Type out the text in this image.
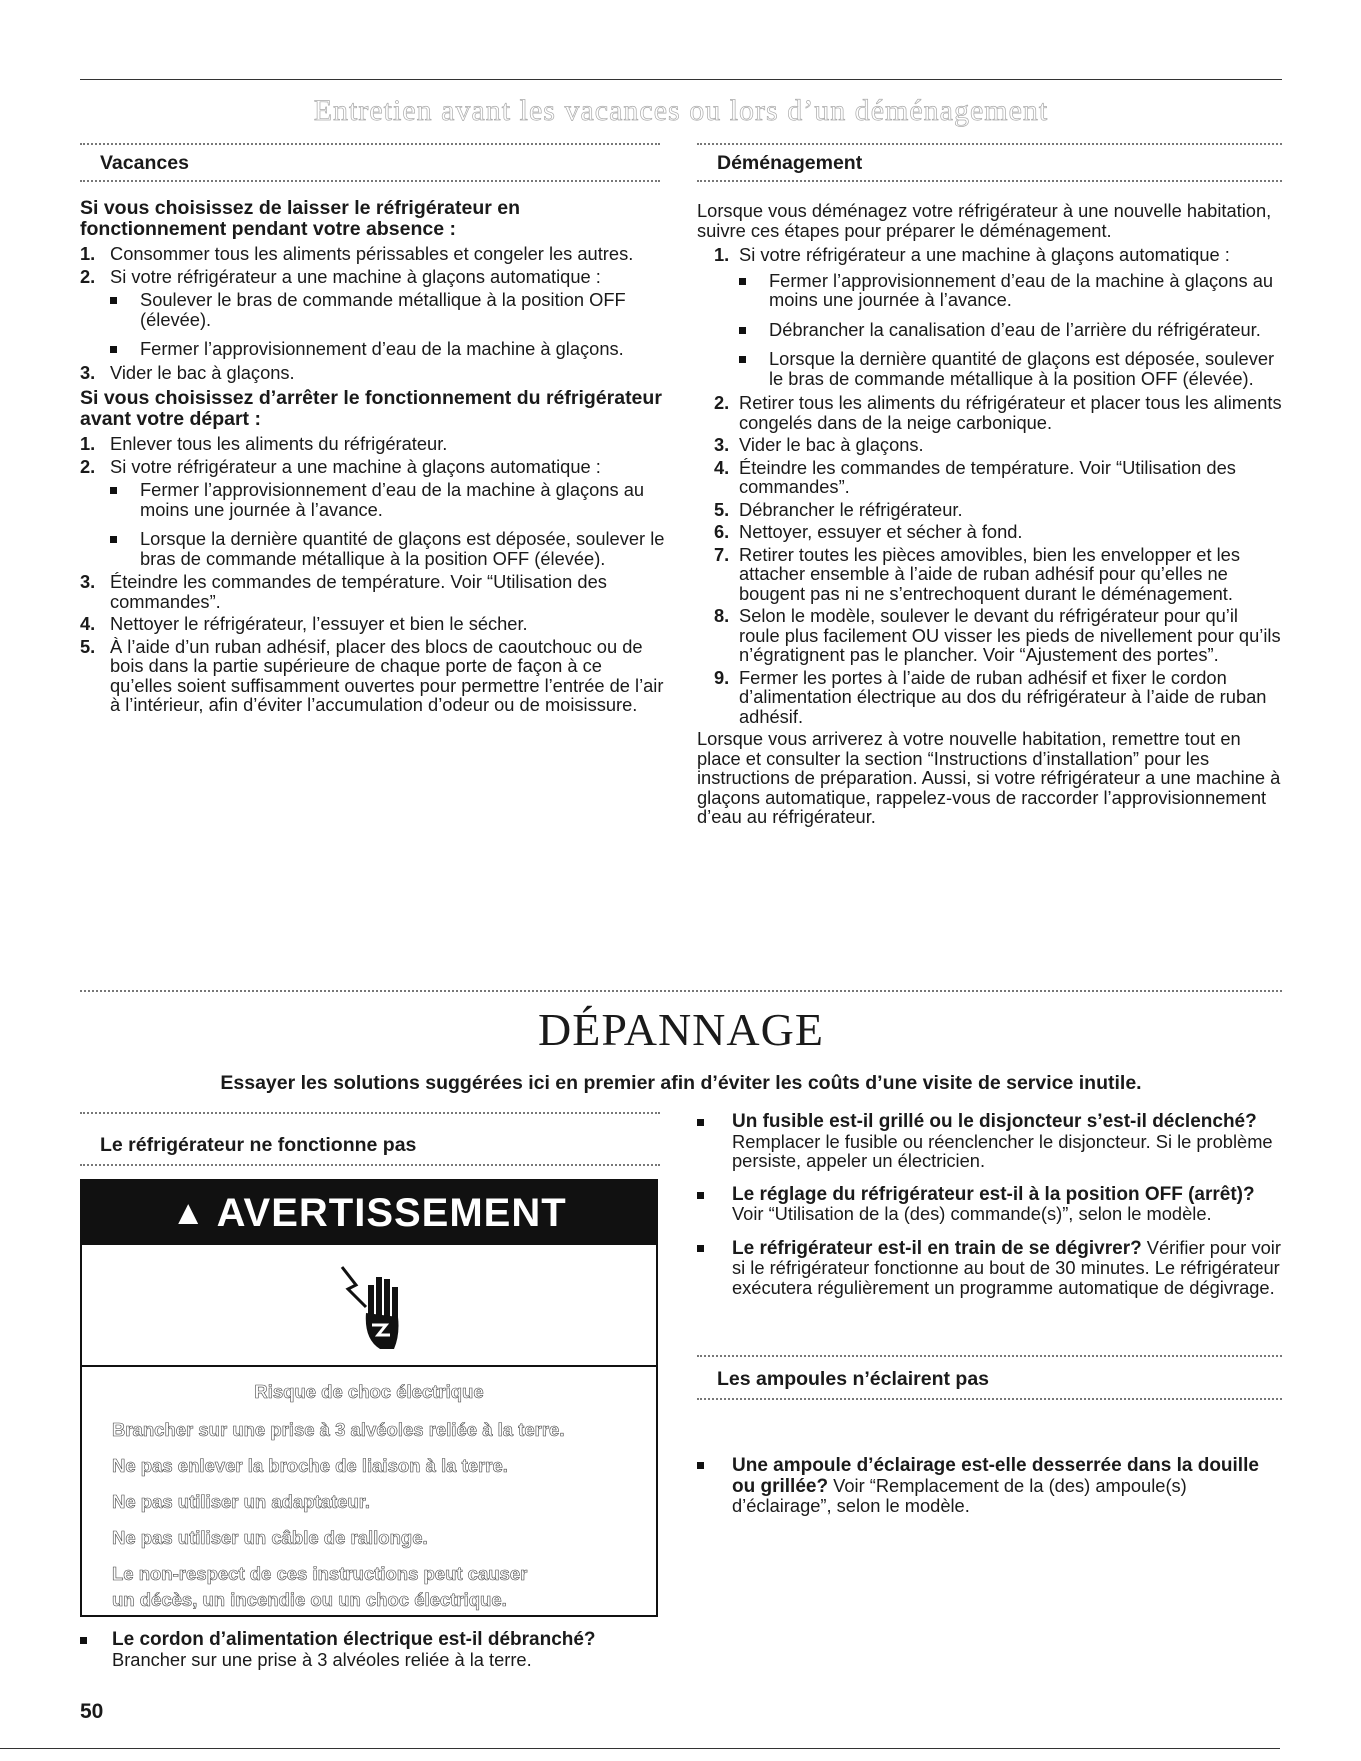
Entretien avant les vacances ou lors d’un déménagement
Vacances
Si vous choisissez de laisser le réfrigérateur en fonctionnement pendant votre absence :
1. Consommer tous les aliments périssables et congeler les autres.
2. Si votre réfrigérateur a une machine à glaçons automatique :
Soulever le bras de commande métallique à la position OFF (élevée).
Fermer l’approvisionnement d’eau de la machine à glaçons.
3. Vider le bac à glaçons.
Si vous choisissez d’arrêter le fonctionnement du réfrigérateur avant votre départ :
1. Enlever tous les aliments du réfrigérateur.
2. Si votre réfrigérateur a une machine à glaçons automatique :
Fermer l’approvisionnement d’eau de la machine à glaçons au moins une journée à l’avance.
Lorsque la dernière quantité de glaçons est déposée, soulever le bras de commande métallique à la position OFF (élevée).
3. Éteindre les commandes de température. Voir “Utilisation des commandes”.
4. Nettoyer le réfrigérateur, l’essuyer et bien le sécher.
5. À l’aide d’un ruban adhésif, placer des blocs de caoutchouc ou de bois dans la partie supérieure de chaque porte de façon à ce qu’elles soient suffisamment ouvertes pour permettre l’entrée de l’air à l’intérieur, afin d’éviter l’accumulation d’odeur ou de moisissure.
Déménagement
Lorsque vous déménagez votre réfrigérateur à une nouvelle habitation, suivre ces étapes pour préparer le déménagement.
1. Si votre réfrigérateur a une machine à glaçons automatique :
Fermer l’approvisionnement d’eau de la machine à glaçons au moins une journée à l’avance.
Débrancher la canalisation d’eau de l’arrière du réfrigérateur.
Lorsque la dernière quantité de glaçons est déposée, soulever le bras de commande métallique à la position OFF (élevée).
2. Retirer tous les aliments du réfrigérateur et placer tous les aliments congelés dans de la neige carbonique.
3. Vider le bac à glaçons.
4. Éteindre les commandes de température. Voir “Utilisation des commandes”.
5. Débrancher le réfrigérateur.
6. Nettoyer, essuyer et sécher à fond.
7. Retirer toutes les pièces amovibles, bien les envelopper et les attacher ensemble à l’aide de ruban adhésif pour qu’elles ne bougent pas ni ne s’entrechoquent durant le déménagement.
8. Selon le modèle, soulever le devant du réfrigérateur pour qu’il roule plus facilement OU visser les pieds de nivellement pour qu’ils n’égratignent pas le plancher. Voir “Ajustement des portes”.
9. Fermer les portes à l’aide de ruban adhésif et fixer le cordon d’alimentation électrique au dos du réfrigérateur à l’aide de ruban adhésif.
Lorsque vous arriverez à votre nouvelle habitation, remettre tout en place et consulter la section “Instructions d’installation” pour les instructions de préparation. Aussi, si votre réfrigérateur a une machine à glaçons automatique, rappelez-vous de raccorder l’approvisionnement d’eau au réfrigérateur.
DÉPANNAGE
Essayer les solutions suggérées ici en premier afin d’éviter les coûts d’une visite de service inutile.
Le réfrigérateur ne fonctionne pas
▲ AVERTISSEMENT
Risque de choc électrique
Brancher sur une prise à 3 alvéoles reliée à la terre.
Ne pas enlever la broche de liaison à la terre.
Ne pas utiliser un adaptateur.
Ne pas utiliser un câble de rallonge.
Le non-respect de ces instructions peut causer
un décès, un incendie ou un choc électrique.
Le cordon d’alimentation électrique est-il débranché?
Brancher sur une prise à 3 alvéoles reliée à la terre.
50
Un fusible est-il grillé ou le disjoncteur s’est-il déclenché?
Remplacer le fusible ou réenclencher le disjoncteur. Si le problème persiste, appeler un électricien.
Le réglage du réfrigérateur est-il à la position OFF (arrêt)?
Voir “Utilisation de la (des) commande(s)”, selon le modèle.
Le réfrigérateur est-il en train de se dégivrer? Vérifier pour voir si le réfrigérateur fonctionne au bout de 30 minutes. Le réfrigérateur exécutera régulièrement un programme automatique de dégivrage.
Les ampoules n’éclairent pas
Une ampoule d’éclairage est-elle desserrée dans la douille ou grillée? Voir “Remplacement de la (des) ampoule(s) d’éclairage”, selon le modèle.
